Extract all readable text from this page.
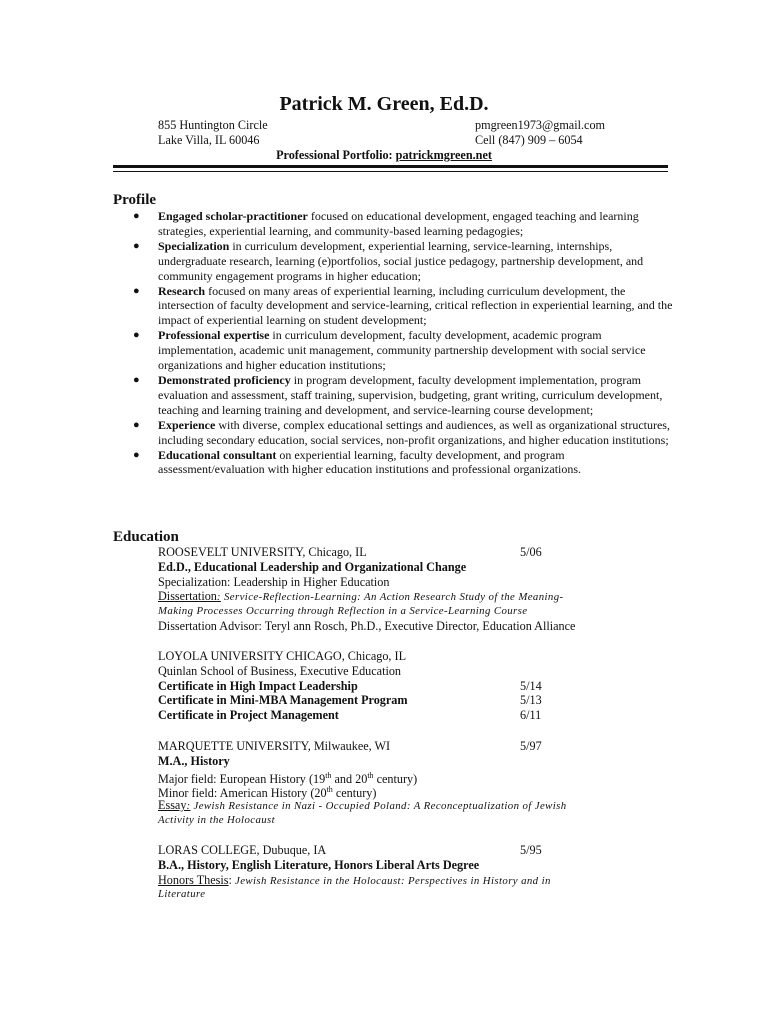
Patrick M. Green, Ed.D.
855 Huntington Circle
Lake Villa, IL 60046
pmgreen1973@gmail.com
Cell (847) 909 – 6054
Professional Portfolio: patrickmgreen.net
Profile
● Engaged scholar-practitioner focused on educational development, engaged teaching and learning strategies, experiential learning, and community-based learning pedagogies;
● Specialization in curriculum development, experiential learning, service-learning, internships, undergraduate research, learning (e)portfolios, social justice pedagogy, partnership development, and community engagement programs in higher education;
● Research focused on many areas of experiential learning, including curriculum development, the intersection of faculty development and service-learning, critical reflection in experiential learning, and the impact of experiential learning on student development;
● Professional expertise in curriculum development, faculty development, academic program implementation, academic unit management, community partnership development with social service organizations and higher education institutions;
● Demonstrated proficiency in program development, faculty development implementation, program evaluation and assessment, staff training, supervision, budgeting, grant writing, curriculum development, teaching and learning training and development, and service-learning course development;
● Experience with diverse, complex educational settings and audiences, as well as organizational structures, including secondary education, social services, non-profit organizations, and higher education institutions;
● Educational consultant on experiential learning, faculty development, and program assessment/evaluation with higher education institutions and professional organizations.
Education
ROOSEVELT UNIVERSITY, Chicago, IL	5/06
Ed.D., Educational Leadership and Organizational Change
Specialization: Leadership in Higher Education
Dissertation: Service-Reflection-Learning: An Action Research Study of the Meaning-
Making Processes Occurring through Reflection in a Service-Learning Course
Dissertation Advisor: Teryl ann Rosch, Ph.D., Executive Director, Education Alliance
LOYOLA UNIVERSITY CHICAGO, Chicago, IL
Quinlan School of Business, Executive Education
Certificate in High Impact Leadership	5/14
Certificate in Mini-MBA Management Program	5/13
Certificate in Project Management	6/11
MARQUETTE UNIVERSITY, Milwaukee, WI	5/97
M.A., History
Major field: European History (19th and 20th century)
Minor field: American History (20th century)
Essay: Jewish Resistance in Nazi - Occupied Poland: A Reconceptualization of Jewish
Activity in the Holocaust
LORAS COLLEGE, Dubuque, IA	5/95
B.A., History, English Literature, Honors Liberal Arts Degree
Honors Thesis: Jewish Resistance in the Holocaust: Perspectives in History and in
Literature
